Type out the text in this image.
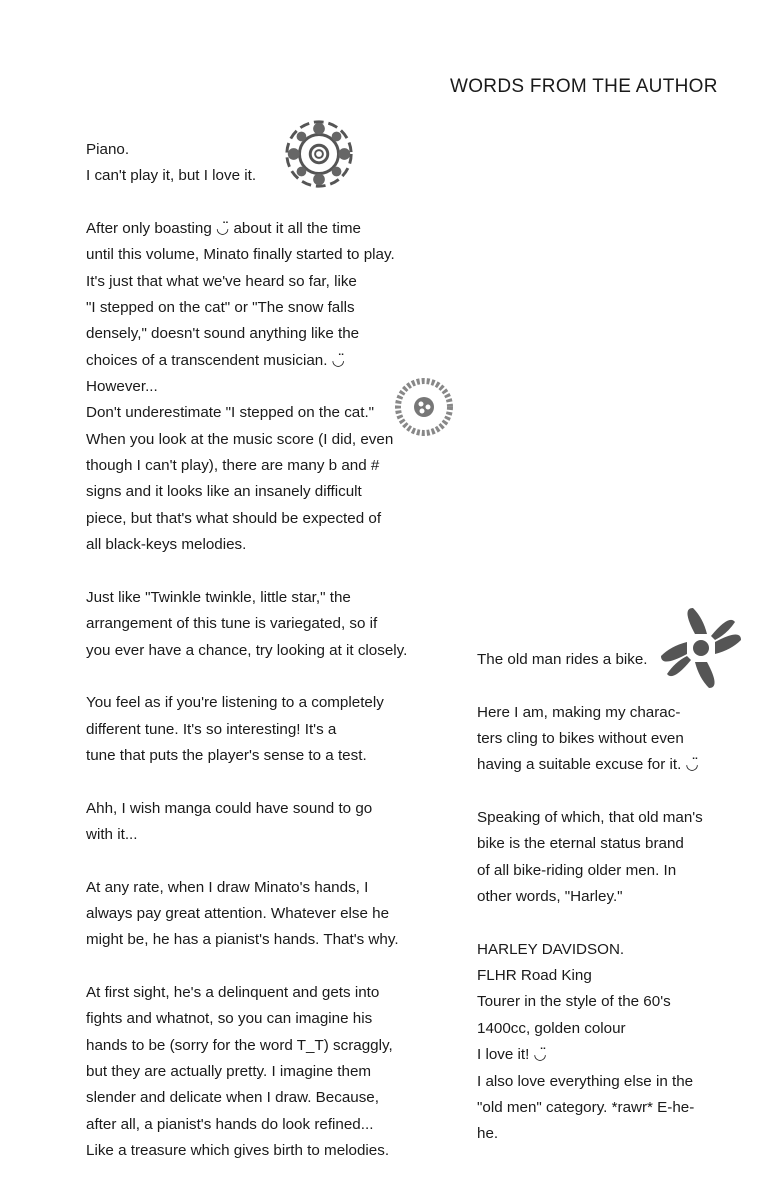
WORDS FROM THE AUTHOR
Piano.
I can't play it, but I love it.
After only boasting ◡̈ about it all the time
until this volume, Minato finally started to play.
It's just that what we've heard so far, like
"I stepped on the cat" or "The snow falls
densely," doesn't sound anything like the
choices of a transcendent musician. ◡̈
However...
Don't underestimate "I stepped on the cat."
When you look at the music score (I did, even
though I can't play), there are many b and #
signs and it looks like an insanely difficult
piece, but that's what should be expected of
all black-keys melodies.
Just like "Twinkle twinkle, little star," the
arrangement of this tune is variegated, so if
you ever have a chance, try looking at it closely.
You feel as if you're listening to a completely
different tune. It's so interesting! It's a
tune that puts the player's sense to a test.
Ahh, I wish manga could have sound to go
with it...
At any rate, when I draw Minato's hands, I
always pay great attention. Whatever else he
might be, he has a pianist's hands. That's why.
At first sight, he's a delinquent and gets into
fights and whatnot, so you can imagine his
hands to be (sorry for the word T_T) scraggly,
but they are actually pretty. I imagine them
slender and delicate when I draw. Because,
after all, a pianist's hands do look refined...
Like a treasure which gives birth to melodies.
The old man rides a bike.
Here I am, making my charac-
ters cling to bikes without even
having a suitable excuse for it. ◡̈
Speaking of which, that old man's
bike is the eternal status brand
of all bike-riding older men. In
other words, "Harley."
HARLEY DAVIDSON.
FLHR Road King
Tourer in the style of the 60's
1400cc, golden colour
I love it! ◡̈
I also love everything else in the
"old men" category. *rawr* E-he-
he.
